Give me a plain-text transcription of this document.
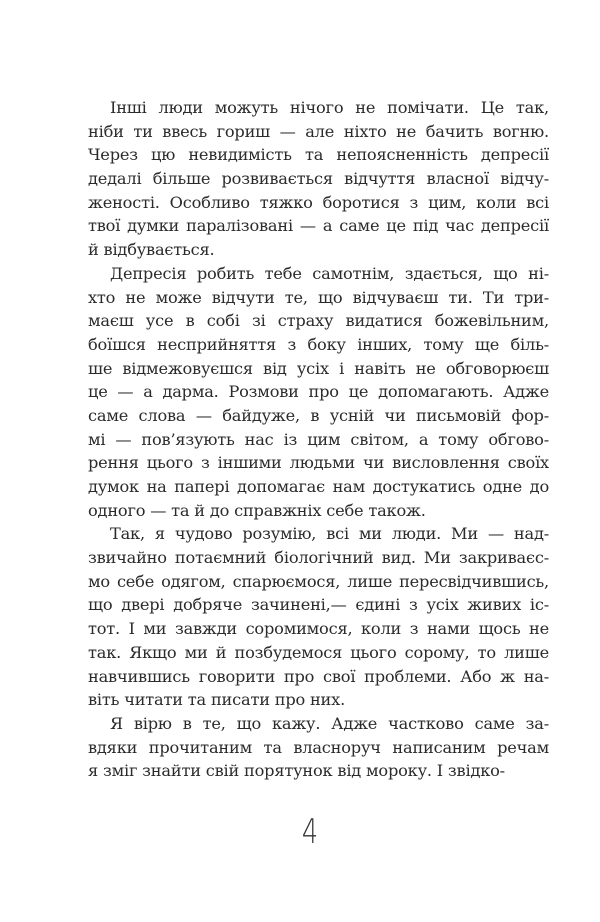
Інші люди можуть нічого не помічати. Це так,
ніби ти ввесь гориш — але ніхто не бачить вогню.
Через цю невидимість та непоясненність депресії
дедалі більше розвивається відчуття власної відчу-
женості. Особливо тяжко боротися з цим, коли всі
твої думки паралізовані — а саме це під час депресії
й відбувається.
Депресія робить тебе самотнім, здається, що ні-
хто не може відчути те, що відчуваєш ти. Ти три-
маєш усе в собі зі страху видатися божевільним,
боїшся несприйняття з боку інших, тому ще біль-
ше відмежовуєшся від усіх і навіть не обговорюєш
це — а дарма. Розмови про це допомагають. Адже
саме слова — байдуже, в усній чи письмовій фор-
мі — пов’язують нас із цим світом, а тому обгово-
рення цього з іншими людьми чи висловлення своїх
думок на папері допомагає нам достукатись одне до
одного — та й до справжніх себе також.
Так, я чудово розумію, всі ми люди. Ми — над-
звичайно потаємний біологічний вид. Ми закриваєс-
мо себе одягом, спарюємося, лише пересвідчившись,
що двері добряче зачинені,— єдині з усіх живих іс-
тот. І ми завжди соромимося, коли з нами щось не
так. Якщо ми й позбудемося цього сорому, то лише
навчившись говорити про свої проблеми. Або ж на-
віть читати та писати про них.
Я вірю в те, що кажу. Адже частково саме за-
вдяки прочитаним та власноруч написаним речам
я зміг знайти свій порятунок від мороку. І звідко-
4
